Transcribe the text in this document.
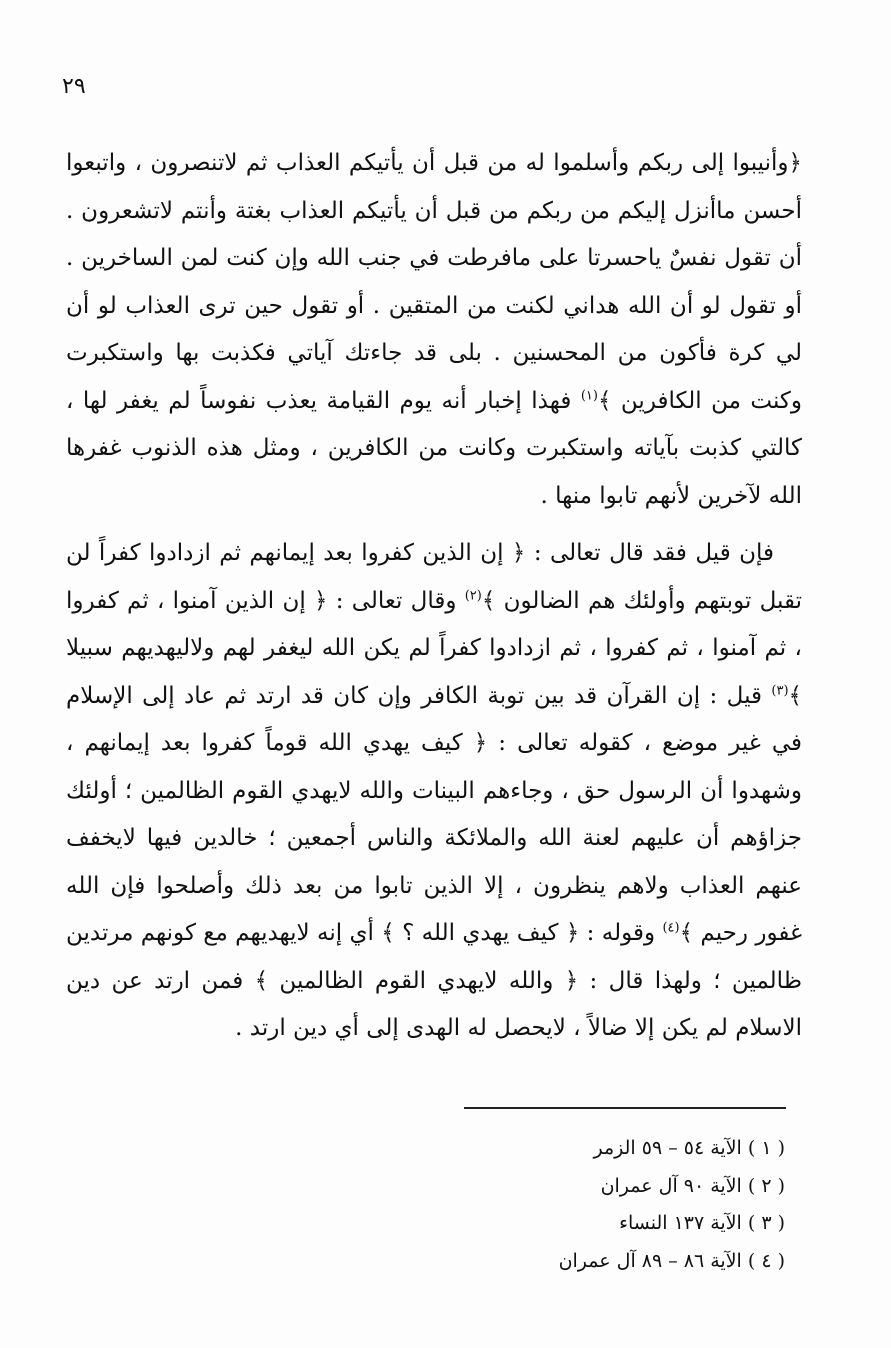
٢٩

﴿وأنيبوا إلى ربكم وأسلموا له من قبل أن يأتيكم العذاب ثم لاتنصرون ، واتبعوا أحسن ماأنزل إليكم من ربكم من قبل أن يأتيكم العذاب بغتة وأنتم لاتشعرون . أن تقول نفسٌ ياحسرتا على مافرطت في جنب الله وإن كنت لمن الساخرين . أو تقول لو أن الله هداني لكنت من المتقين . أو تقول حين ترى العذاب لو أن لي كرة فأكون من المحسنين . بلى قد جاءتك آياتي فكذبت بها واستكبرت وكنت من الكافرين ﴾$^{(١)}$ فهذا إخبار أنه يوم القيامة يعذب نفوساً لم يغفر لها ، كالتي كذبت بآياته واستكبرت وكانت من الكافرين ، ومثل هذه الذنوب غفرها الله لآخرين لأنهم تابوا منها .

فإن قيل فقد قال تعالى : ﴿ إن الذين كفروا بعد إيمانهم ثم ازدادوا كفراً لن تقبل توبتهم وأولئك هم الضالون ﴾$^{(٢)}$ وقال تعالى : ﴿ إن الذين آمنوا ، ثم كفروا ، ثم آمنوا ، ثم كفروا ، ثم ازدادوا كفراً لم يكن الله ليغفر لهم ولاليهديهم سبيلا ﴾$^{(٣)}$ قيل : إن القرآن قد بين توبة الكافر وإن كان قد ارتد ثم عاد إلى الإسلام في غير موضع ، كقوله تعالى : ﴿ كيف يهدي الله قوماً كفروا بعد إيمانهم ، وشهدوا أن الرسول حق ، وجاءهم البينات والله لايهدي القوم الظالمين ؛ أولئك جزاؤهم أن عليهم لعنة الله والملائكة والناس أجمعين ؛ خالدين فيها لايخفف عنهم العذاب ولاهم ينظرون ، إلا الذين تابوا من بعد ذلك وأصلحوا فإن الله غفور رحيم ﴾$^{(٤)}$ وقوله : ﴿ كيف يهدي الله ؟ ﴾ أي إنه لايهديهم مع كونهم مرتدين ظالمين ؛ ولهذا قال : ﴿ والله لايهدي القوم الظالمين ﴾ فمن ارتد عن دين الاسلام لم يكن إلا ضالاً ، لايحصل له الهدى إلى أي دين ارتد .

( ١ ) الآية ٥٤ – ٥٩ الزمر

( ٢ ) الآية ٩٠ آل عمران

( ٣ ) الآية ١٣٧ النساء

( ٤ ) الآية ٨٦ – ٨٩ آل عمران
